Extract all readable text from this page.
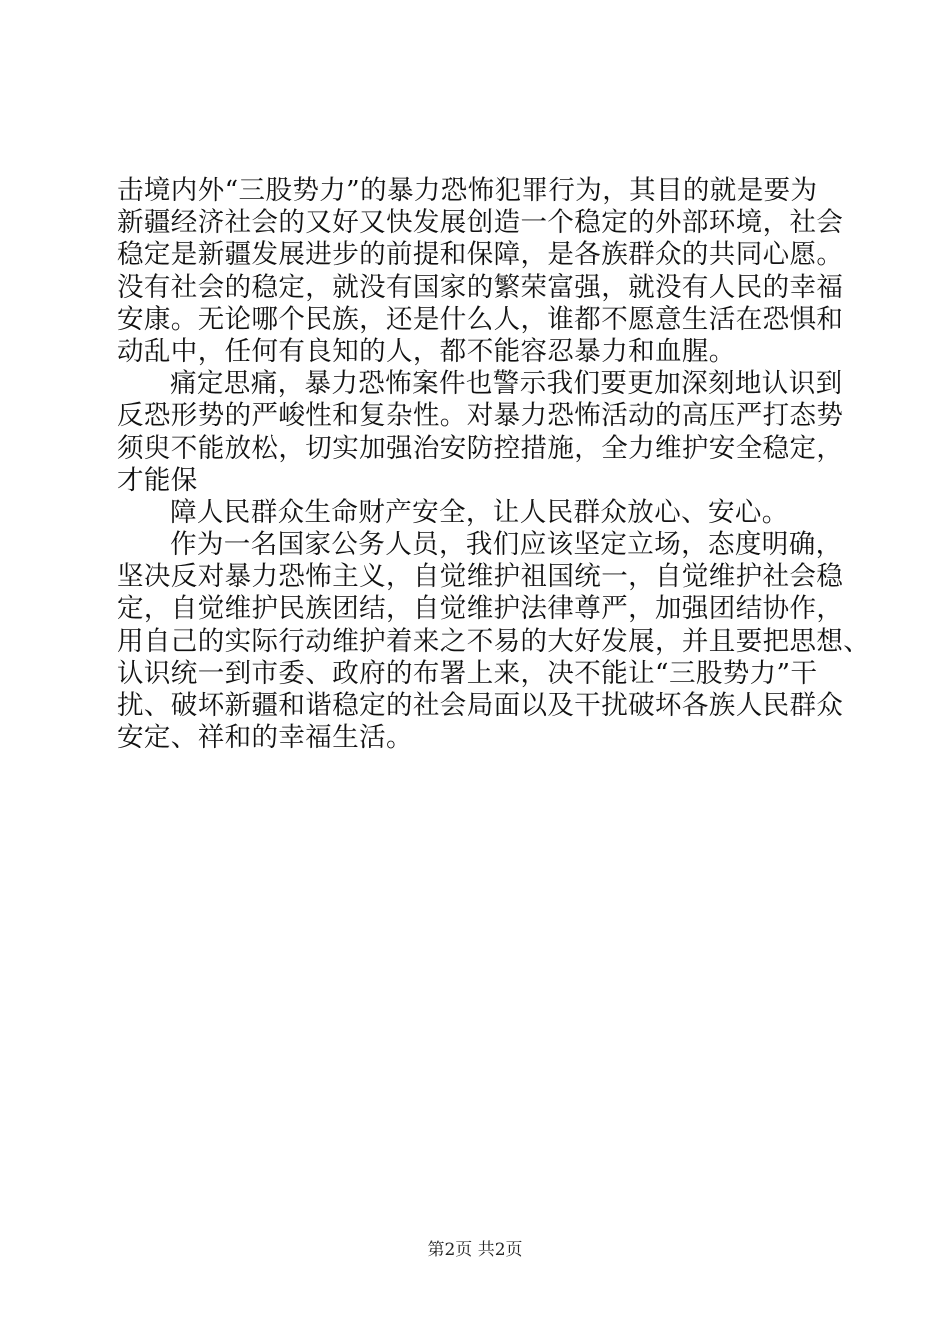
击境内外“三股势力”的暴力恐怖犯罪行为，其目的就是要为
新疆经济社会的又好又快发展创造一个稳定的外部环境，社会
稳定是新疆发展进步的前提和保障，是各族群众的共同心愿。
没有社会的稳定，就没有国家的繁荣富强，就没有人民的幸福
安康。无论哪个民族，还是什么人，谁都不愿意生活在恐惧和
动乱中，任何有良知的人，都不能容忍暴力和血腥。
痛定思痛，暴力恐怖案件也警示我们要更加深刻地认识到
反恐形势的严峻性和复杂性。对暴力恐怖活动的高压严打态势
须臾不能放松，切实加强治安防控措施，全力维护安全稳定，
才能保
障人民群众生命财产安全，让人民群众放心、安心。
作为一名国家公务人员，我们应该坚定立场，态度明确，
坚决反对暴力恐怖主义，自觉维护祖国统一，自觉维护社会稳
定，自觉维护民族团结，自觉维护法律尊严，加强团结协作，
用自己的实际行动维护着来之不易的大好发展，并且要把思想、
认识统一到市委、政府的布署上来，决不能让“三股势力”干
扰、破坏新疆和谐稳定的社会局面以及干扰破坏各族人民群众
安定、祥和的幸福生活。
第2页 共2页
